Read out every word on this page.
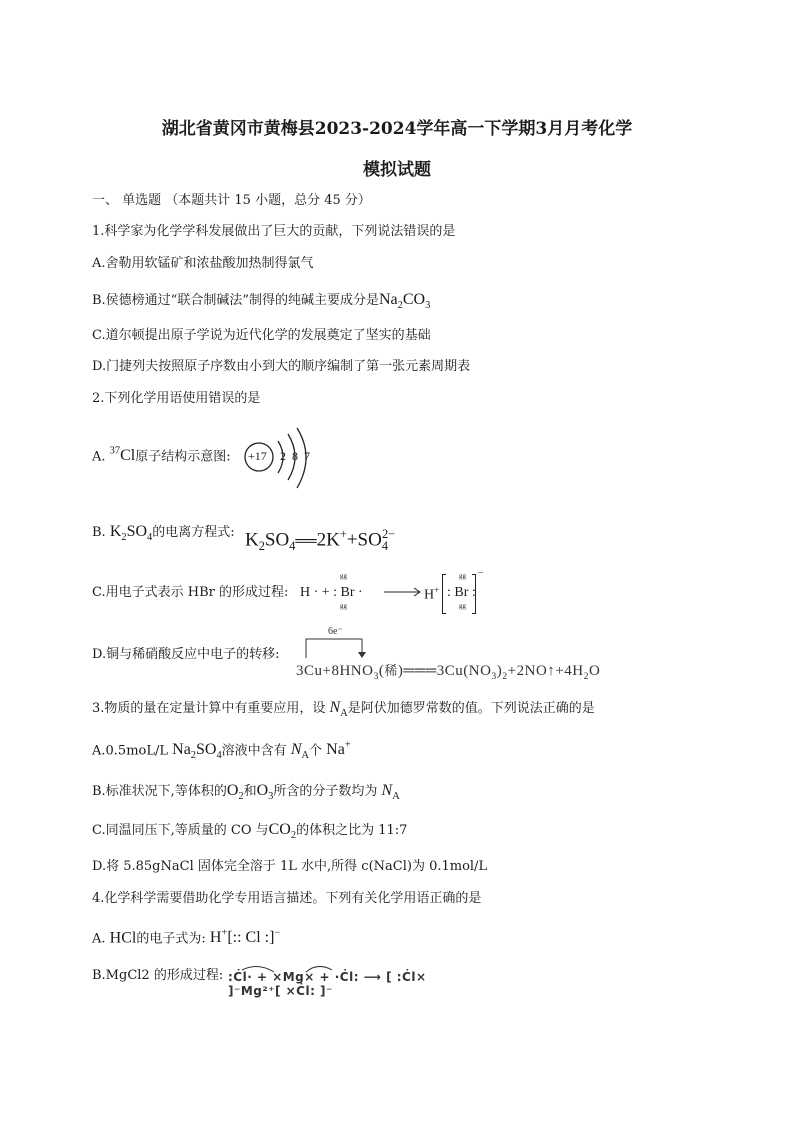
湖北省黄冈市黄梅县2023-2024学年高一下学期3月月考化学
模拟试题
一、 单选题 （本题共计 15 小题，总分 45 分）
1.科学家为化学学科发展做出了巨大的贡献，下列说法错误的是
A.舍勒用软锰矿和浓盐酸加热制得氯气
B.侯德榜通过“联合制碱法”制得的纯碱主要成分是$Na_2CO_3$
C.道尔顿提出原子学说为近代化学的发展奠定了坚实的基础
D.门捷列夫按照原子序数由小到大的顺序编制了第一张元素周期表
2.下列化学用语使用错误的是
A. $^{37}$Cl原子结构示意图: +17 2 8 7
B. $K_2SO_4$的电离方程式: $K_2SO_4══2K^++SO_4^{2-}$
C.用电子式表示 HBr 的形成过程: H · + : Br ·
gg
gg
H+ : Br :
gg
gg
−
D.铜与稀硝酸反应中电子的转移:
6e⁻
$3Cu+8HNO_3$(稀)$═══3Cu(NO_3)_2+2NO↑+4H_2O$
3.物质的量在定量计算中有重要应用，设 $N_A$是阿伏加德罗常数的值。下列说法正确的是
A.0.5moL/L $Na_2SO_4$溶液中含有 $N_A$个 Na+
B.标准状况下,等体积的$O_2$和$O_3$所含的分子数均为 $N_A$
C.同温同压下,等质量的 CO 与$CO_2$的体积之比为 11:7
D.将 5.85gNaCl 固体完全溶于 1L 水中,所得 c(NaCl)为 0.1mol/L
4.化学科学需要借助化学专用语言描述。下列有关化学用语正确的是
A. HCl的电子式为: H+[:: Cl :]−
B.MgCl2 的形成过程: :Ċl· + ×Mg× + ·Ċl: ⟶ [ :Ċl× ]⁻Mg²⁺[ ×Ċl: ]⁻
